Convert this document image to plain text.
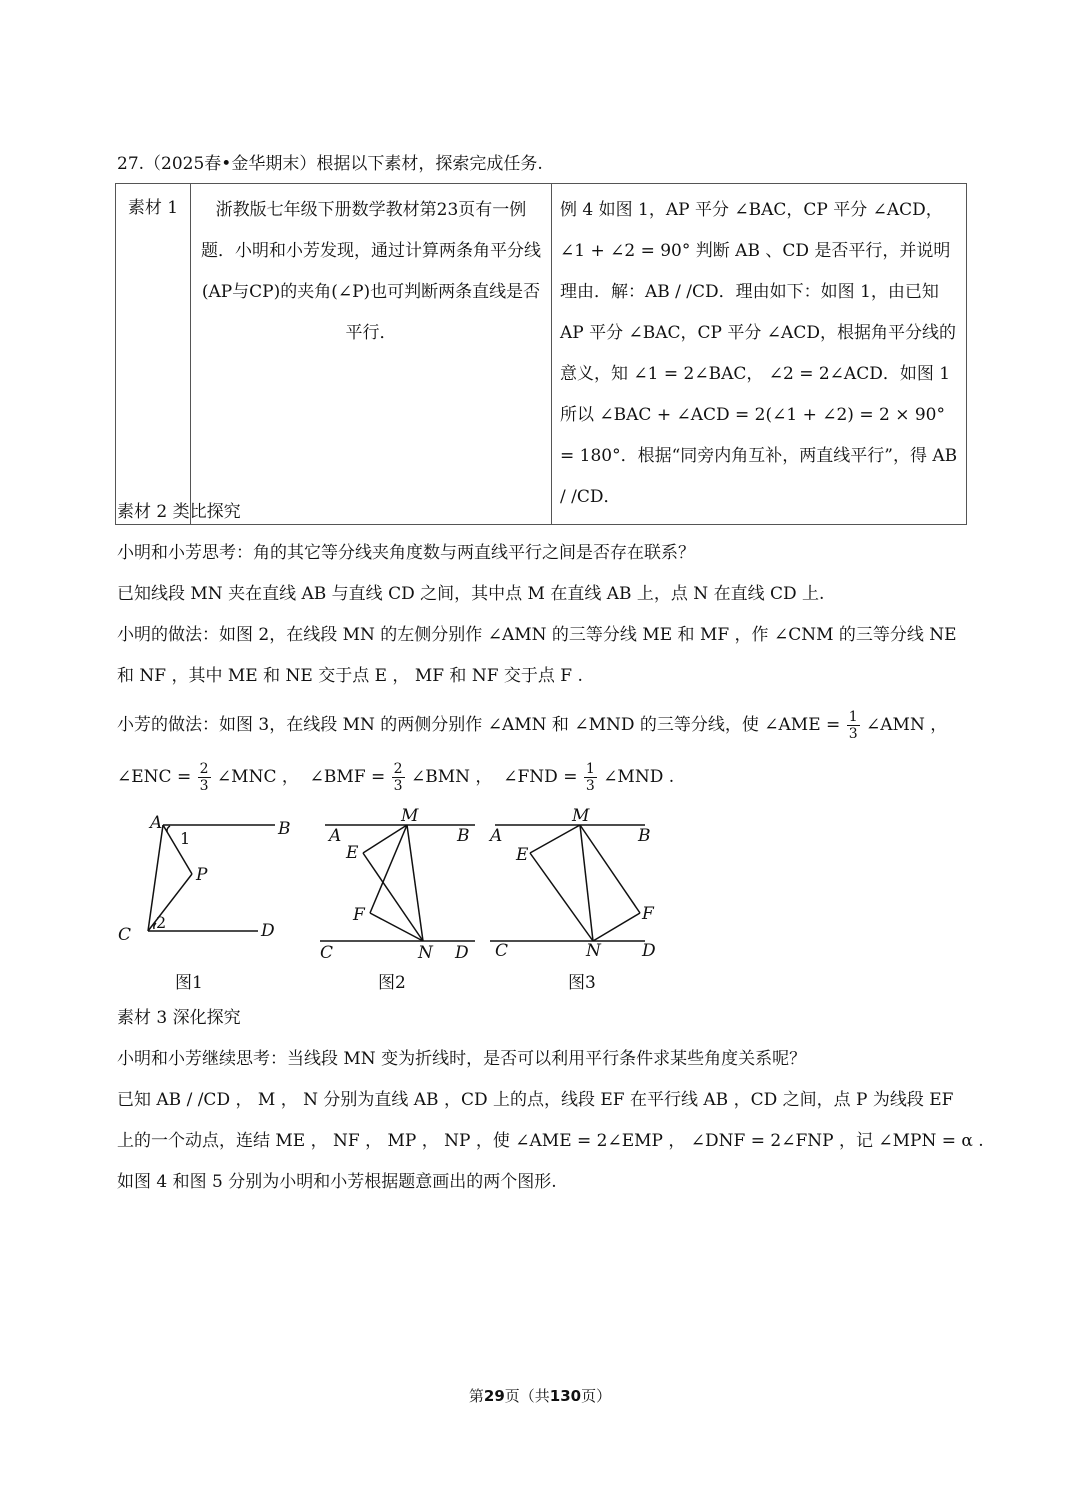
27.（2025春•金华期末）根据以下素材，探索完成任务.
素材 1	浙教版七年级下册数学教材第23页有一例题．小明和小芳发现，通过计算两条角平分线(AP与CP)的夹角(∠P)也可判断两条直线是否平行．	例 4 如图 1，AP 平分 ∠BAC，CP 平分 ∠ACD，∠1 + ∠2 = 90° 判断 AB 、CD 是否平行，并说明理由．解：AB / /CD．理由如下：如图 1，由已知 AP 平分 ∠BAC，CP 平分 ∠ACD，根据角平分线的意义，知 ∠1 = 2∠BAC， ∠2 = 2∠ACD．如图 1 所以 ∠BAC + ∠ACD = 2(∠1 + ∠2) = 2 × 90° = 180°．根据“同旁内角互补，两直线平行”，得 AB / /CD．
素材 2 类比探究
小明和小芳思考：角的其它等分线夹角度数与两直线平行之间是否存在联系？
已知线段 MN 夹在直线 AB 与直线 CD 之间，其中点 M 在直线 AB 上，点 N 在直线 CD 上.
小明的做法：如图 2，在线段 MN 的左侧分别作 ∠AMN 的三等分线 ME 和 MF ，作 ∠CNM 的三等分线 NE
和 NF ，其中 ME 和 NE 交于点 E ， MF 和 NF 交于点 F .
小芳的做法：如图 3，在线段 MN 的两侧分别作 ∠AMN 和 ∠MND 的三等分线，使 ∠AME = $\frac{1}{3}$ ∠AMN ，
∠ENC = $\frac{2}{3}$ ∠MNC ， ∠BMF = $\frac{2}{3}$ ∠BMN ， ∠FND = $\frac{1}{3}$ ∠MND .
A	B
C	D
P
A	B
C	D
M
N
E
F
A	B
C	D
M
N
E
F
1
2
图1	图2	图3
素材 3 深化探究
小明和小芳继续思考：当线段 MN 变为折线时，是否可以利用平行条件求某些角度关系呢？
已知 AB / /CD ， M ， N 分别为直线 AB ，CD 上的点，线段 EF 在平行线 AB ，CD 之间，点 P 为线段 EF
上的一个动点，连结 ME ， NF ， MP ， NP ，使 ∠AME = 2∠EMP ， ∠DNF = 2∠FNP ，记 ∠MPN = α .
如图 4 和图 5 分别为小明和小芳根据题意画出的两个图形.
第29页（共130页）
